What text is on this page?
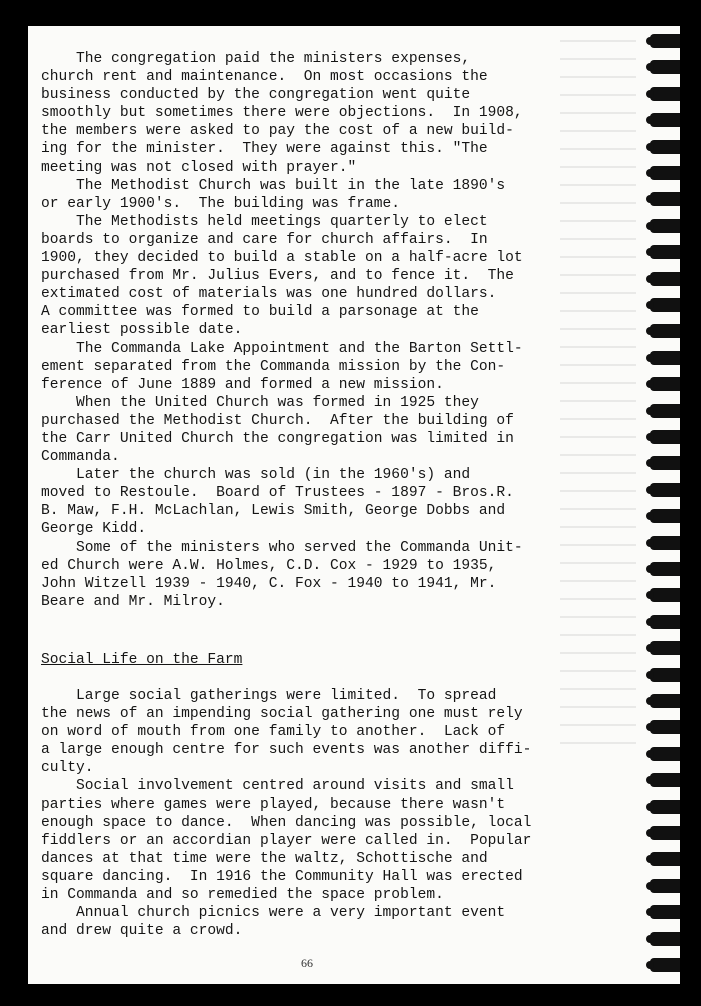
The congregation paid the ministers expenses,
church rent and maintenance.  On most occasions the
business conducted by the congregation went quite
smoothly but sometimes there were objections.  In 1908,
the members were asked to pay the cost of a new build-
ing for the minister.  They were against this. "The
meeting was not closed with prayer."
The Methodist Church was built in the late 1890's
or early 1900's.  The building was frame.
The Methodists held meetings quarterly to elect
boards to organize and care for church affairs.  In
1900, they decided to build a stable on a half-acre lot
purchased from Mr. Julius Evers, and to fence it.  The
extimated cost of materials was one hundred dollars.
A committee was formed to build a parsonage at the
earliest possible date.
The Commanda Lake Appointment and the Barton Settl-
ement separated from the Commanda mission by the Con-
ference of June 1889 and formed a new mission.
When the United Church was formed in 1925 they
purchased the Methodist Church.  After the building of
the Carr United Church the congregation was limited in
Commanda.
Later the church was sold (in the 1960's) and
moved to Restoule.  Board of Trustees - 1897 - Bros.R.
B. Maw, F.H. McLachlan, Lewis Smith, George Dobbs and
George Kidd.
Some of the ministers who served the Commanda Unit-
ed Church were A.W. Holmes, C.D. Cox - 1929 to 1935,
John Witzell 1939 - 1940, C. Fox - 1940 to 1941, Mr.
Beare and Mr. Milroy.
Social Life on the Farm
Large social gatherings were limited.  To spread
the news of an impending social gathering one must rely
on word of mouth from one family to another.  Lack of
a large enough centre for such events was another diffi-
culty.
Social involvement centred around visits and small
parties where games were played, because there wasn't
enough space to dance.  When dancing was possible, local
fiddlers or an accordian player were called in.  Popular
dances at that time were the waltz, Schottische and
square dancing.  In 1916 the Community Hall was erected
in Commanda and so remedied the space problem.
Annual church picnics were a very important event
and drew quite a crowd.
66
